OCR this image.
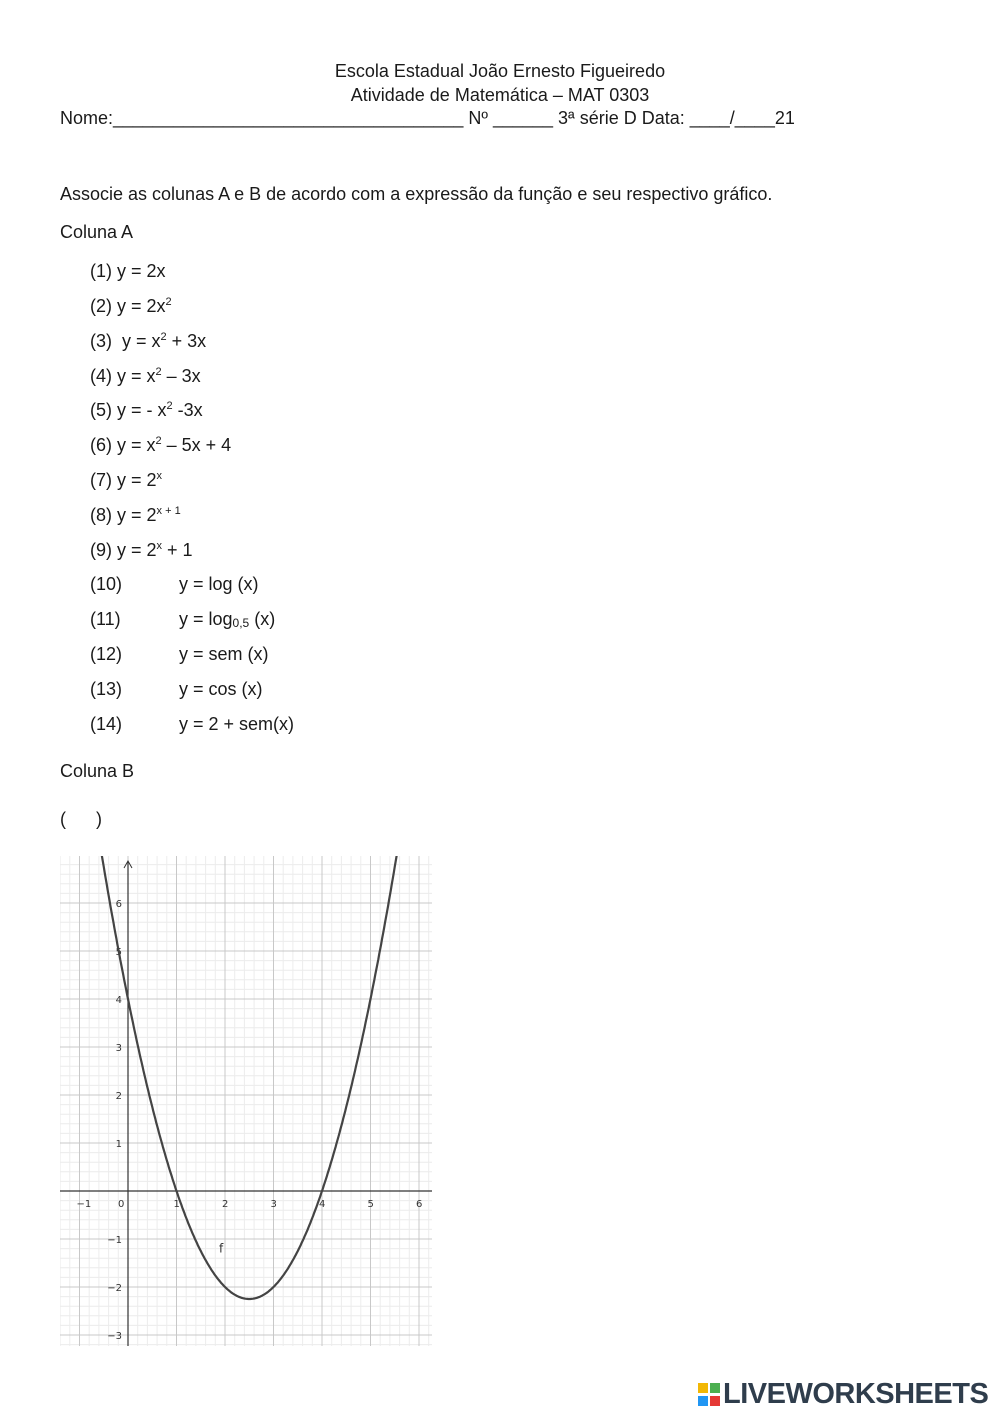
Escola Estadual João Ernesto Figueiredo
Atividade de Matemática – MAT 0303
Nome:___________________________________ Nº ______ 3ª série D Data: ____/____21
Associe as colunas A e B de acordo com a expressão da função e seu respectivo gráfico.
Coluna A
(1) y = 2x
(2) $y = 2x^2$
(3) $y = x^2 + 3x$
(4) $y = x^2 - 3x$
(5) y = - $x^2$ -3x
(6) $y = x^2 - 5x + 4$
(7) $y = 2^x$
(8) $y = 2^{x + 1}$
(9) $y = 2^x + 1$
(10)	y = log (x)
(11)	$y = \log_{0,5} (x)$
(12)	y = sem (x)
(13)	y = cos (x)
(14)	y = 2 + sem(x)
Coluna B
(      )
−1	0	1	2	3	4	5	6
6
5
4
3
2
1
−1
−2
−3
f
LIVEWORKSHEETS
